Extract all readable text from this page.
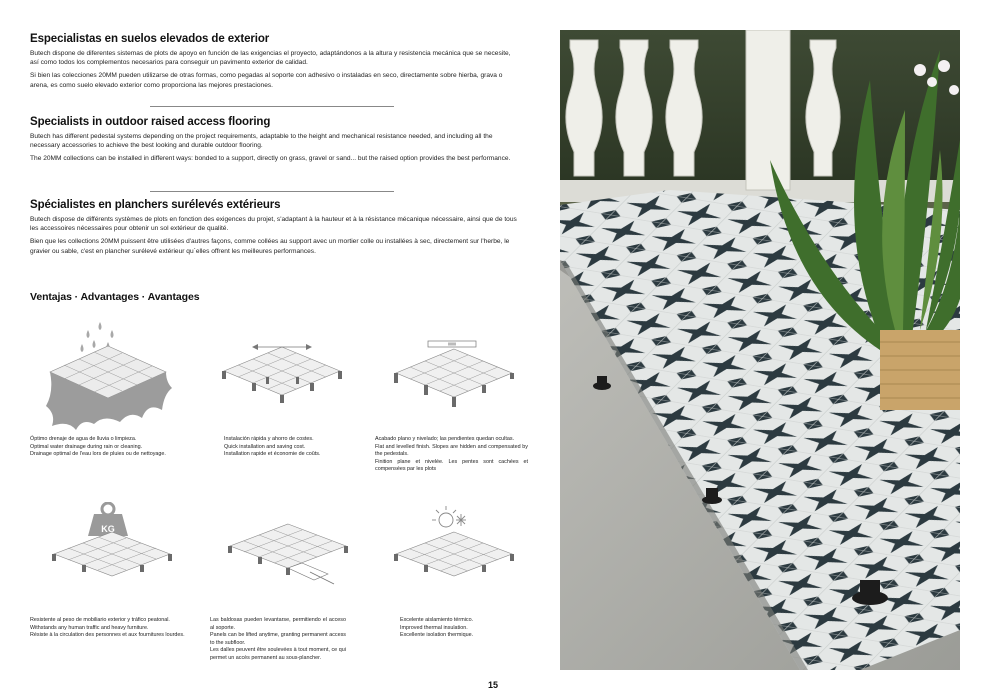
Especialistas en suelos elevados de exterior

Butech dispone de diferentes sistemas de plots de apoyo en función de las exigencias el proyecto, adaptándonos a la altura y resistencia mecánica que se necesite, así como todos los complementos necesarios para conseguir un pavimento exterior de calidad.

Si bien las colecciones 20MM pueden utilizarse de otras formas, como pegadas al soporte con adhesivo o instaladas en seco, directamente sobre hierba, grava o arena, es como suelo elevado exterior como proporciona las mejores prestaciones.

Specialists in outdoor raised access flooring

Butech has different pedestal systems depending on the project requirements, adaptable to the height and mechanical resistance needed, and including all the necessary accessories to achieve the best looking and durable outdoor flooring.

The 20MM collections can be installed in different ways: bonded to a support, directly on grass, gravel or sand... but the raised option provides the best performance.

Spécialistes en planchers surélevés extérieurs

Butech dispose de différents systèmes de plots en fonction des exigences du projet, s'adaptant à la hauteur et à la résistance mécanique nécessaire, ainsi que de tous les accessoires nécessaires pour obtenir un sol extérieur de qualité.

Bien que les collections 20MM puissent être utilisées d'autres façons, comme collées au support avec un mortier colle ou installées à sec, directement sur l'herbe, le gravier ou sable, c'est en plancher surélevé extérieur qu`elles offrent les meilleures performances.

Ventajas · Advantages · Avantages
KG
Óptimo drenaje de agua de lluvia o limpieza.
Optimal water drainage during rain or cleaning.
Drainage optimal de l'eau lors de pluies ou de nettoyage.
Instalación rápida y ahorro de costes.
Quick installation and saving cost.
Installation rapide et économie de coûts.
Acabado plano y nivelado; las pendientes quedan ocultas.
Flat and levelled finish. Slopes are hidden and compensated by the pedestals.
Finition plane et nivelée. Les pentes sont cachées et compensées par les plots
Resistente al peso de mobiliario exterior y tráfico peatonal.
Withstands any human traffic and heavy furniture.
Résiste à la circulation des personnes et aux fournitures lourdes.
Las baldosas pueden levantarse, permitiendo el acceso al soporte.
Panels can be lifted anytime, granting permanent access to the subfloor.
Les dalles peuvent être soulevées à tout moment, ce qui permet un accès permanent au sous-plancher.
Excelente aislamiento térmico.
Improved thermal insulation.
Excellente isolation thermique.
15
